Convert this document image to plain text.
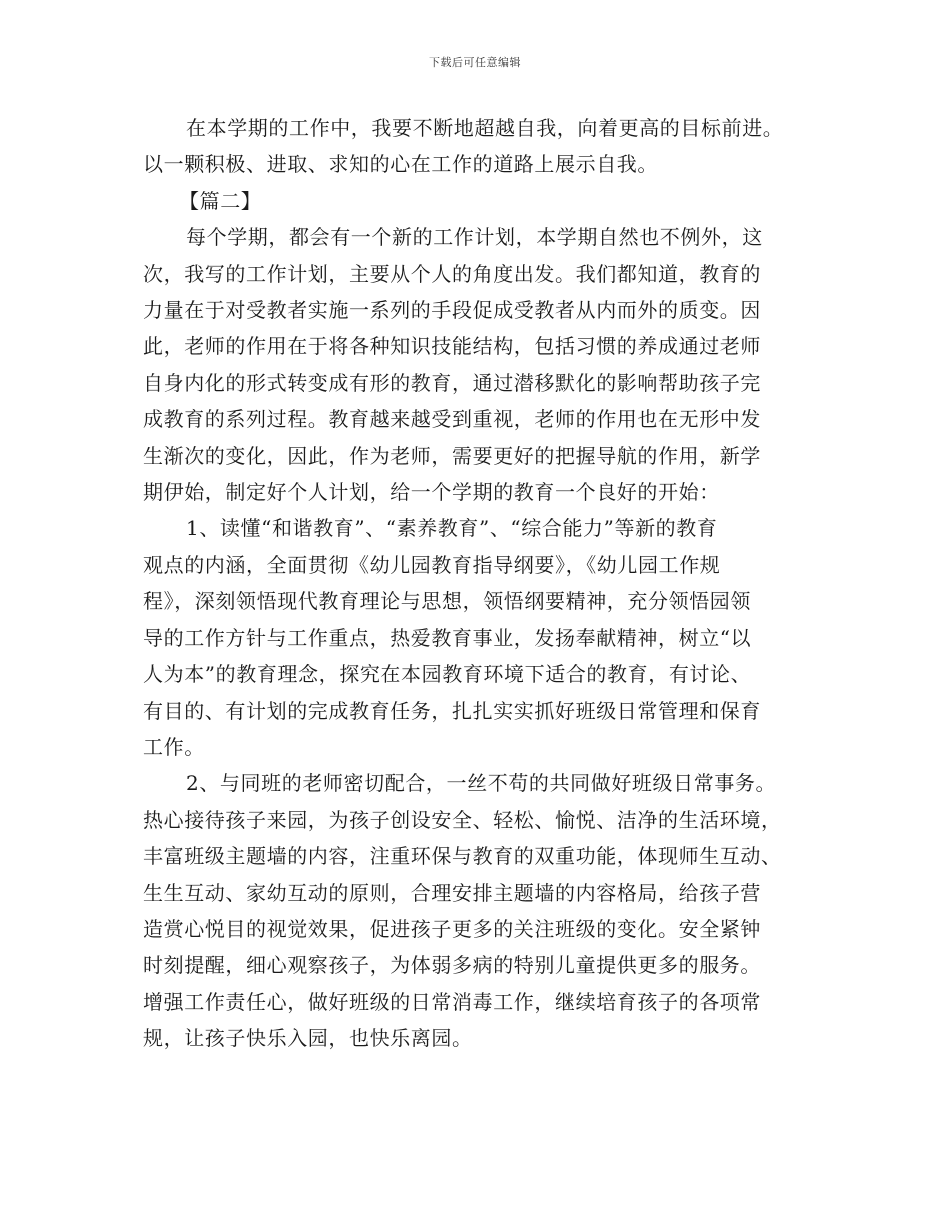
下载后可任意编辑
在本学期的工作中，我要不断地超越自我，向着更高的目标前进。
以一颗积极、进取、求知的心在工作的道路上展示自我。
【篇二】
每个学期，都会有一个新的工作计划，本学期自然也不例外，这
次，我写的工作计划，主要从个人的角度出发。我们都知道，教育的
力量在于对受教者实施一系列的手段促成受教者从内而外的质变。因
此，老师的作用在于将各种知识技能结构，包括习惯的养成通过老师
自身内化的形式转变成有形的教育，通过潜移默化的影响帮助孩子完
成教育的系列过程。教育越来越受到重视，老师的作用也在无形中发
生渐次的变化，因此，作为老师，需要更好的把握导航的作用，新学
期伊始，制定好个人计划，给一个学期的教育一个良好的开始：
1、读懂“和谐教育”、“素养教育”、“综合能力”等新的教育
观点的内涵，全面贯彻《幼儿园教育指导纲要》，《幼儿园工作规
程》，深刻领悟现代教育理论与思想，领悟纲要精神，充分领悟园领
导的工作方针与工作重点，热爱教育事业，发扬奉献精神，树立“以
人为本”的教育理念，探究在本园教育环境下适合的教育，有讨论、
有目的、有计划的完成教育任务，扎扎实实抓好班级日常管理和保育
工作。
2、与同班的老师密切配合，一丝不苟的共同做好班级日常事务。
热心接待孩子来园，为孩子创设安全、轻松、愉悦、洁净的生活环境，
丰富班级主题墙的内容，注重环保与教育的双重功能，体现师生互动、
生生互动、家幼互动的原则，合理安排主题墙的内容格局，给孩子营
造赏心悦目的视觉效果，促进孩子更多的关注班级的变化。安全紧钟
时刻提醒，细心观察孩子，为体弱多病的特别儿童提供更多的服务。
增强工作责任心，做好班级的日常消毒工作，继续培育孩子的各项常
规，让孩子快乐入园，也快乐离园。
